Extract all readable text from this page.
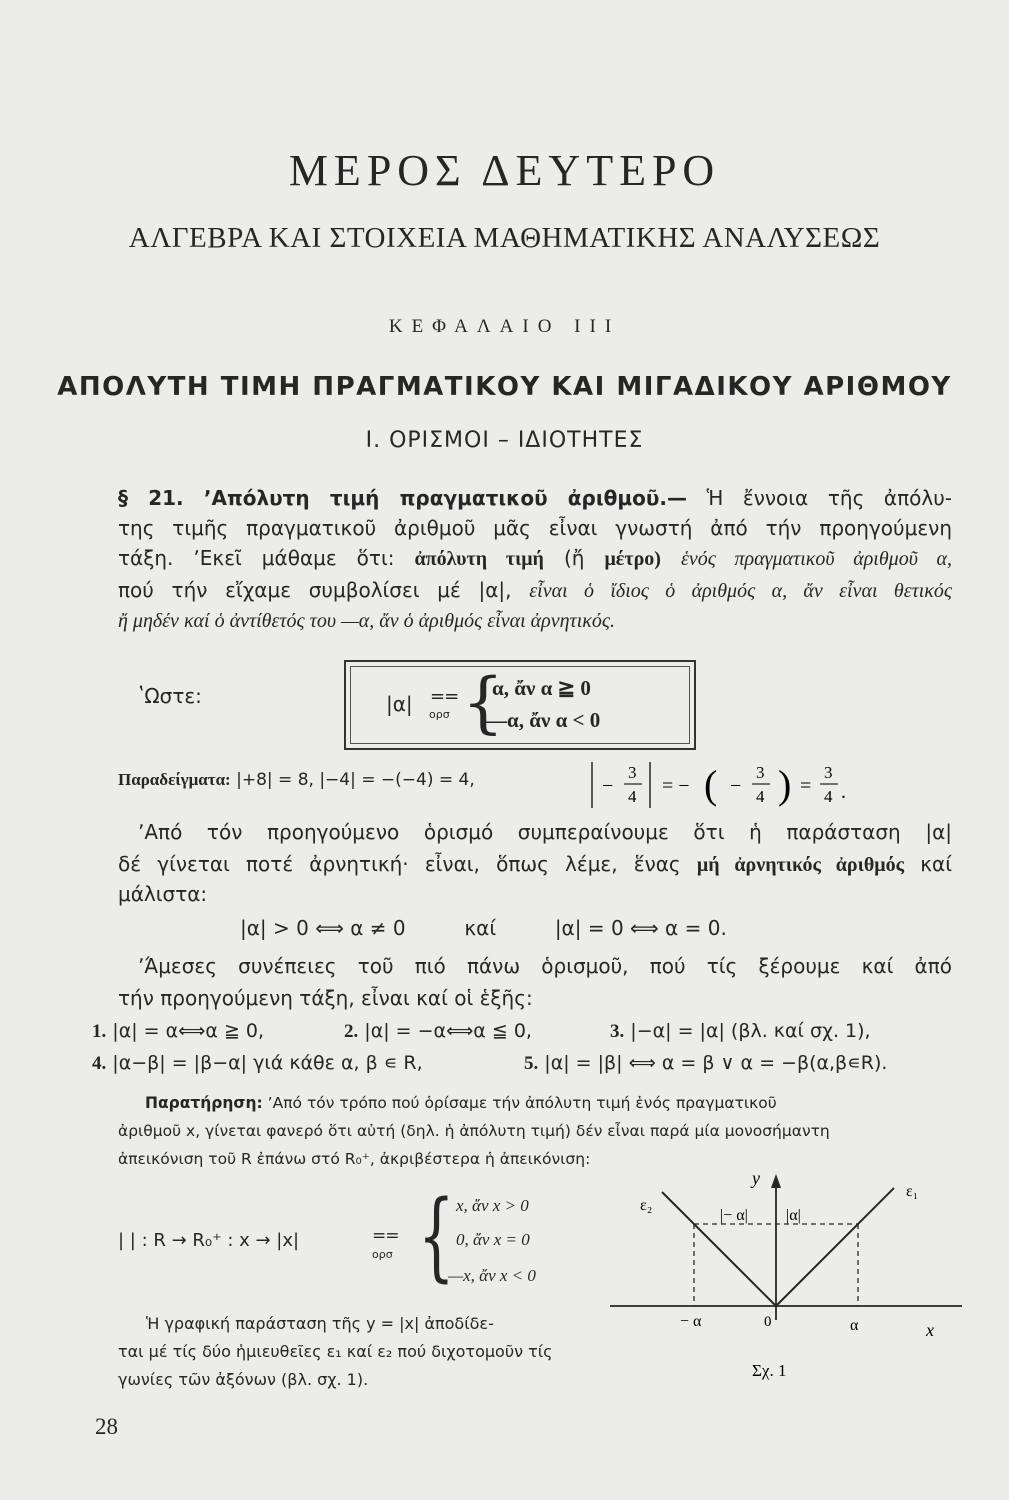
ΜΕΡΟΣ ΔΕΥΤΕΡΟ
ΑΛΓΕΒΡΑ ΚΑΙ ΣΤΟΙΧΕΙΑ ΜΑΘΗΜΑΤΙΚΗΣ ΑΝΑΛΥΣΕΩΣ
ΚΕΦΑΛΑΙΟ ΙΙΙ
ΑΠΟΛΥΤΗ ΤΙΜΗ ΠΡΑΓΜΑΤΙΚΟΥ ΚΑΙ ΜΙΓΑΔΙΚΟΥ ΑΡΙΘΜΟΥ
Ι. ΟΡΙΣΜΟΙ – ΙΔΙΟΤΗΤΕΣ
§ 21. ʼΑπόλυτη τιμή πραγματικοῦ ἀριθμοῦ.— Ἡ ἔννοια τῆς ἀπόλυ-
της τιμῆς πραγματικοῦ ἀριθμοῦ μᾶς εἶναι γνωστή ἀπό τήν προηγούμενη
τάξη. ʼΕκεῖ μάθαμε ὅτι: ἀπόλυτη τιμή (ἤ μέτρο) ἑνός πραγματικοῦ ἀριθμοῦ α,
πού τήν εἴχαμε συμβολίσει μέ |α|, εἶναι ὁ ἴδιος ὁ ἀριθμός α, ἄν εἶναι θετικός
ἤ μηδέν καί ὁ ἀντίθετός του —α, ἄν ὁ ἀριθμός εἶναι ἀρνητικός.
ʽΩστε:	|α| ==
ορσ {
α, ἄν α ≧ 0
—α, ἄν α < 0
Παραδείγματα: |+8| = 8, |−4| = −(−4) = 4,	−
3
4 = − ( −
3
4 ) =
3
4 .
ʼΑπό τόν προηγούμενο ὁρισμό συμπεραίνουμε ὅτι ἡ παράσταση |α|
δέ γίνεται ποτέ ἀρνητική· εἶναι, ὅπως λέμε, ἕνας μή ἀρνητικός ἀριθμός καί
μάλιστα:
|α| > 0 ⟺ α ≠ 0	καί	|α| = 0 ⟺ α = 0.
ʼΆμεσες συνέπειες τοῦ πιό πάνω ὁρισμοῦ, πού τίς ξέρουμε καί ἀπό
τήν προηγούμενη τάξη, εἶναι καί οἱ ἑξῆς:
1. |α| = α⟺α ≧ 0,	2. |α| = −α⟺α ≦ 0,	3. |−α| = |α| (βλ. καί σχ. 1),
4. |α−β| = |β−α| γιά κάθε α, β ∊ R,	5. |α| = |β| ⟺ α = β ∨ α = −β(α,β∊R).
Παρατήρηση: ʼΑπό τόν τρόπο πού ὁρίσαμε τήν ἀπόλυτη τιμή ἑνός πραγματικοῦ
ἀριθμοῦ x, γίνεται φανερό ὅτι αὐτή (δηλ. ἡ ἀπόλυτη τιμή) δέν εἶναι παρά μία μονοσήμαντη
ἀπεικόνιση τοῦ R ἐπάνω στό R₀⁺, ἀκριβέστερα ἡ ἀπεικόνιση:
| | : R → R₀⁺ : x → |x|	==
ορσ { x, ἄν x > 0
0, ἄν x = 0
—x, ἄν x < 0
Ἡ γραφική παράσταση τῆς y = |x| ἀποδίδε-
ται μέ τίς δύο ἡμιευθεῖες ε₁ καί ε₂ πού διχοτομοῦν τίς
γωνίες τῶν ἀξόνων (βλ. σχ. 1).
y
x
ε₂
ε₁
|− α| |α|
− α	0	α
Σχ. 1
28
